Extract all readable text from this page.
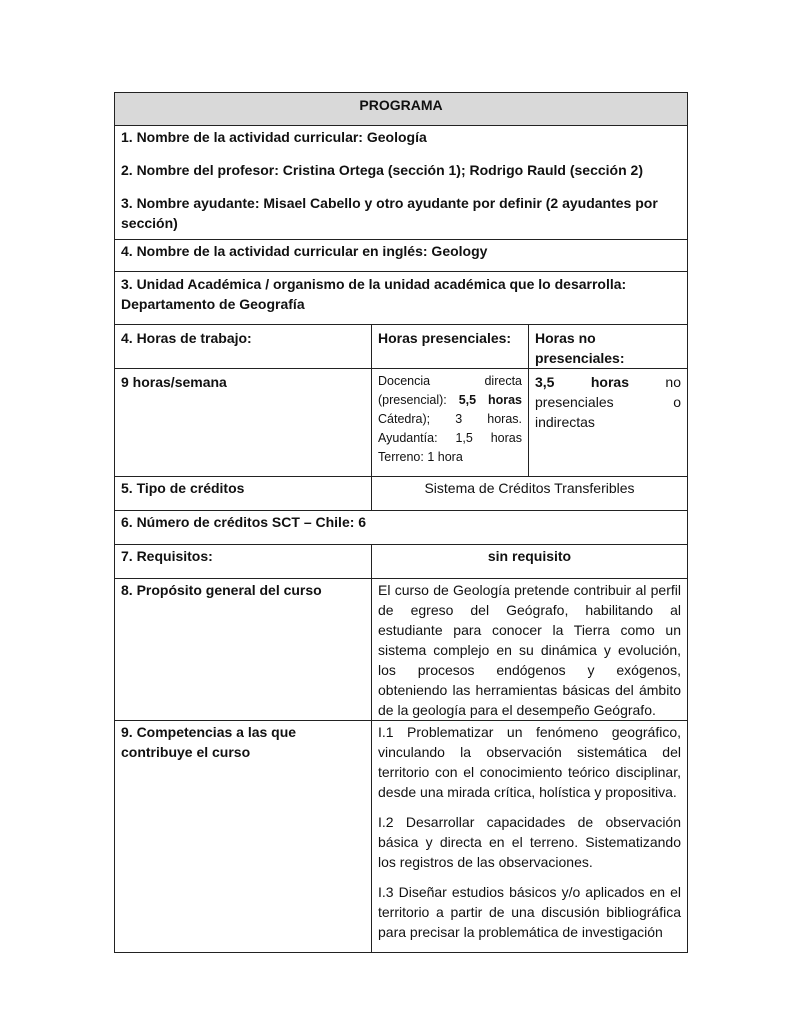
PROGRAMA		

1. Nombre de la actividad curricular: Geología

2. Nombre del profesor: Cristina Ortega (sección 1); Rodrigo Rauld (sección 2)

3. Nombre ayudante: Misael Cabello y otro ayudante por definir (2 ayudantes por sección)		

4. Nombre de la actividad curricular en inglés: Geology		
3. Unidad Académica / organismo de la unidad académica que lo desarrolla: Departamento de Geografía		
4. Horas de trabajo:	Horas presenciales:	Horas no presenciales:
9 horas/semana	Docencia directa (presencial): 5,5 horas Cátedra); 3 horas. Ayudantía: 1,5 horas Terreno: 1 hora	3,5 horas no presenciales o indirectas
5. Tipo de créditos	Sistema de Créditos Transferibles	
6. Número de créditos SCT – Chile: 6		
7. Requisitos:	sin requisito	
8. Propósito general del curso	El curso de Geología pretende contribuir al perfil de egreso del Geógrafo, habilitando al estudiante para conocer la Tierra como un sistema complejo en su dinámica y evolución, los procesos endógenos y exógenos, obteniendo las herramientas básicas del ámbito de la geología para el desempeño Geógrafo.	
9. Competencias a las que contribuye el curso	I.1 Problematizar un fenómeno geográfico, vinculando la observación sistemática del territorio con el conocimiento teórico disciplinar, desde una mirada crítica, holística y propositiva.

I.2 Desarrollar capacidades de observación básica y directa en el terreno. Sistematizando los registros de las observaciones.

I.3 Diseñar estudios básicos y/o aplicados en el territorio a partir de una discusión bibliográfica para precisar la problemática de investigación	
